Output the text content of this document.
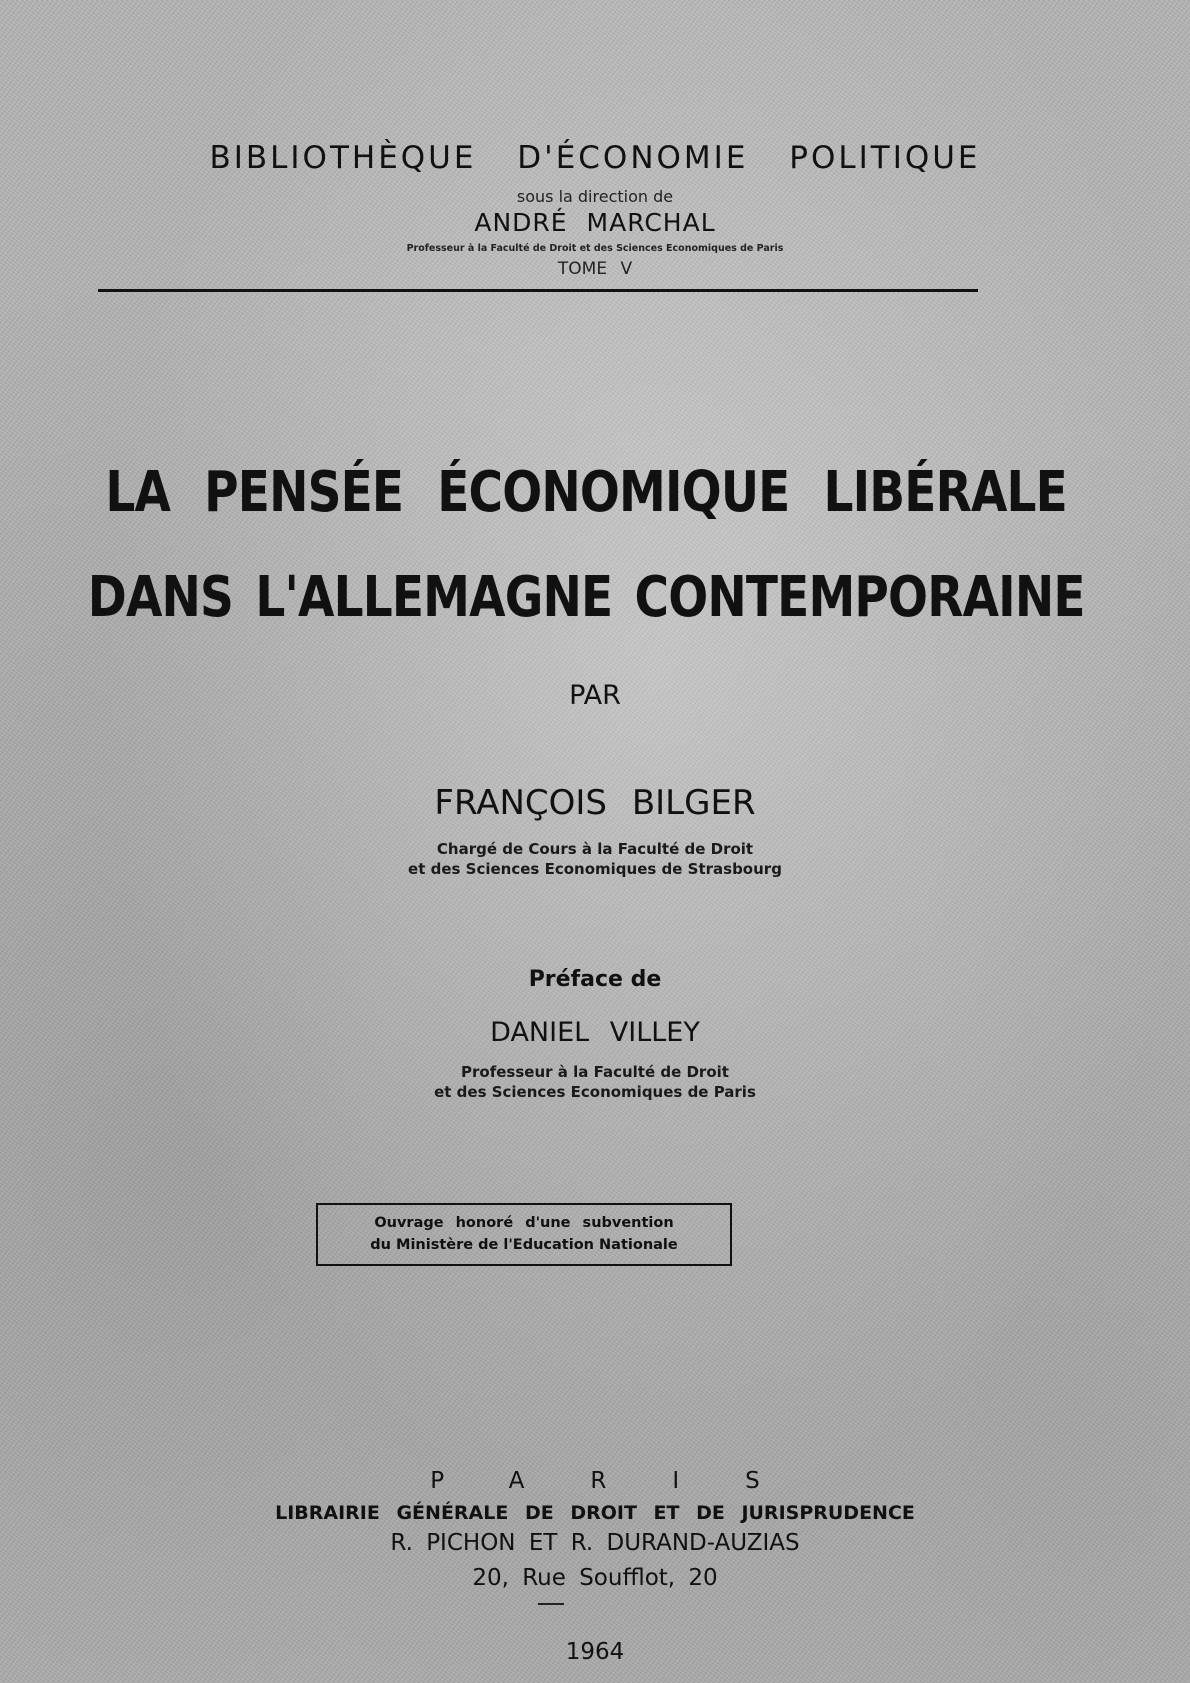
BIBLIOTHÈQUE D'ÉCONOMIE POLITIQUE
sous la direction de
ANDRÉ MARCHAL
Professeur à la Faculté de Droit et des Sciences Economiques de Paris
TOME V
LA PENSÉE ÉCONOMIQUE LIBÉRALE
DANS L'ALLEMAGNE CONTEMPORAINE
PAR
FRANÇOIS BILGER
Chargé de Cours à la Faculté de Droit
et des Sciences Economiques de Strasbourg
Préface de
DANIEL VILLEY
Professeur à la Faculté de Droit
et des Sciences Economiques de Paris
Ouvrage honoré d'une subvention
du Ministère de l'Education Nationale
PARIS
LIBRAIRIE GÉNÉRALE DE DROIT ET DE JURISPRUDENCE
R. PICHON ET R. DURAND-AUZIAS
20, Rue Soufflot, 20
1964
